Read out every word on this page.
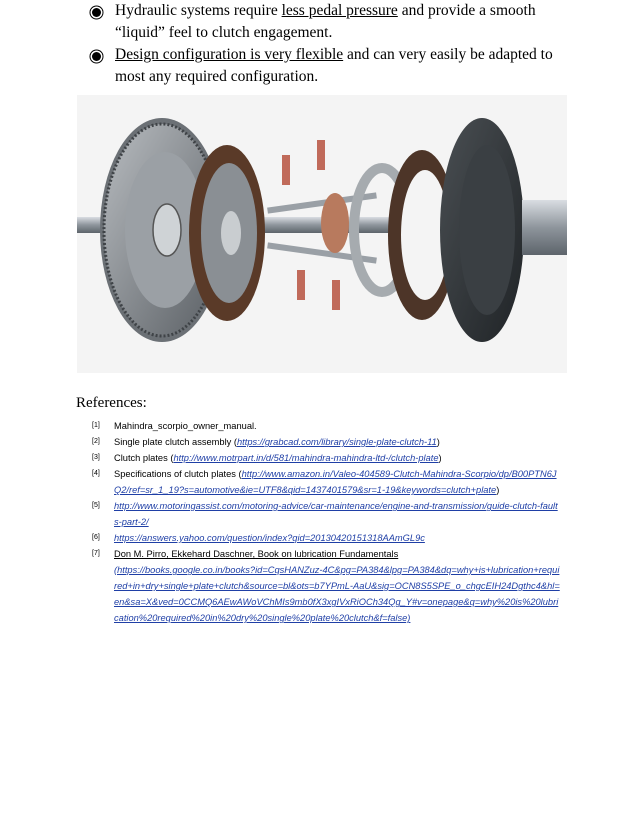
Hydraulic systems require less pedal pressure and provide a smooth “liquid” feel to clutch engagement.
Design configuration is very flexible and can very easily be adapted to most any required configuration.
References:
[1] Mahindra_scorpio_owner_manual.
[2] Single plate clutch assembly (https://grabcad.com/library/single-plate-clutch-11)
[3] Clutch plates (http://www.motrpart.in/d/581/mahindra-mahindra-ltd-/clutch-plate)
[4] Specifications of clutch plates (http://www.amazon.in/Valeo-404589-Clutch-Mahindra-Scorpio/dp/B00PTN6JQ2/ref=sr_1_19?s=automotive&ie=UTF8&qid=1437401579&sr=1-19&keywords=clutch+plate)
[5] http://www.motoringassist.com/motoring-advice/car-maintenance/engine-and-transmission/guide-clutch-faults-part-2/
[6] https://answers.yahoo.com/question/index?qid=20130420151318AAmGL9c
[7] Don M. Pirro, Ekkehard Daschner, Book on lubrication Fundamentals
(https://books.google.co.in/books?id=CqsHANZuz-4C&pg=PA384&lpg=PA384&dq=why+is+lubrication+required+in+dry+single+plate+clutch&source=bl&ots=b7YPmL-AaU&sig=OCN8S5SPE_o_chgcEIH24Dgthc4&hl=en&sa=X&ved=0CCMQ6AEwAWoVChMIs9mb0fX3xgIVxRiOCh34Qg_Y#v=onepage&q=why%20is%20lubrication%20required%20in%20dry%20single%20plate%20clutch&f=false)
